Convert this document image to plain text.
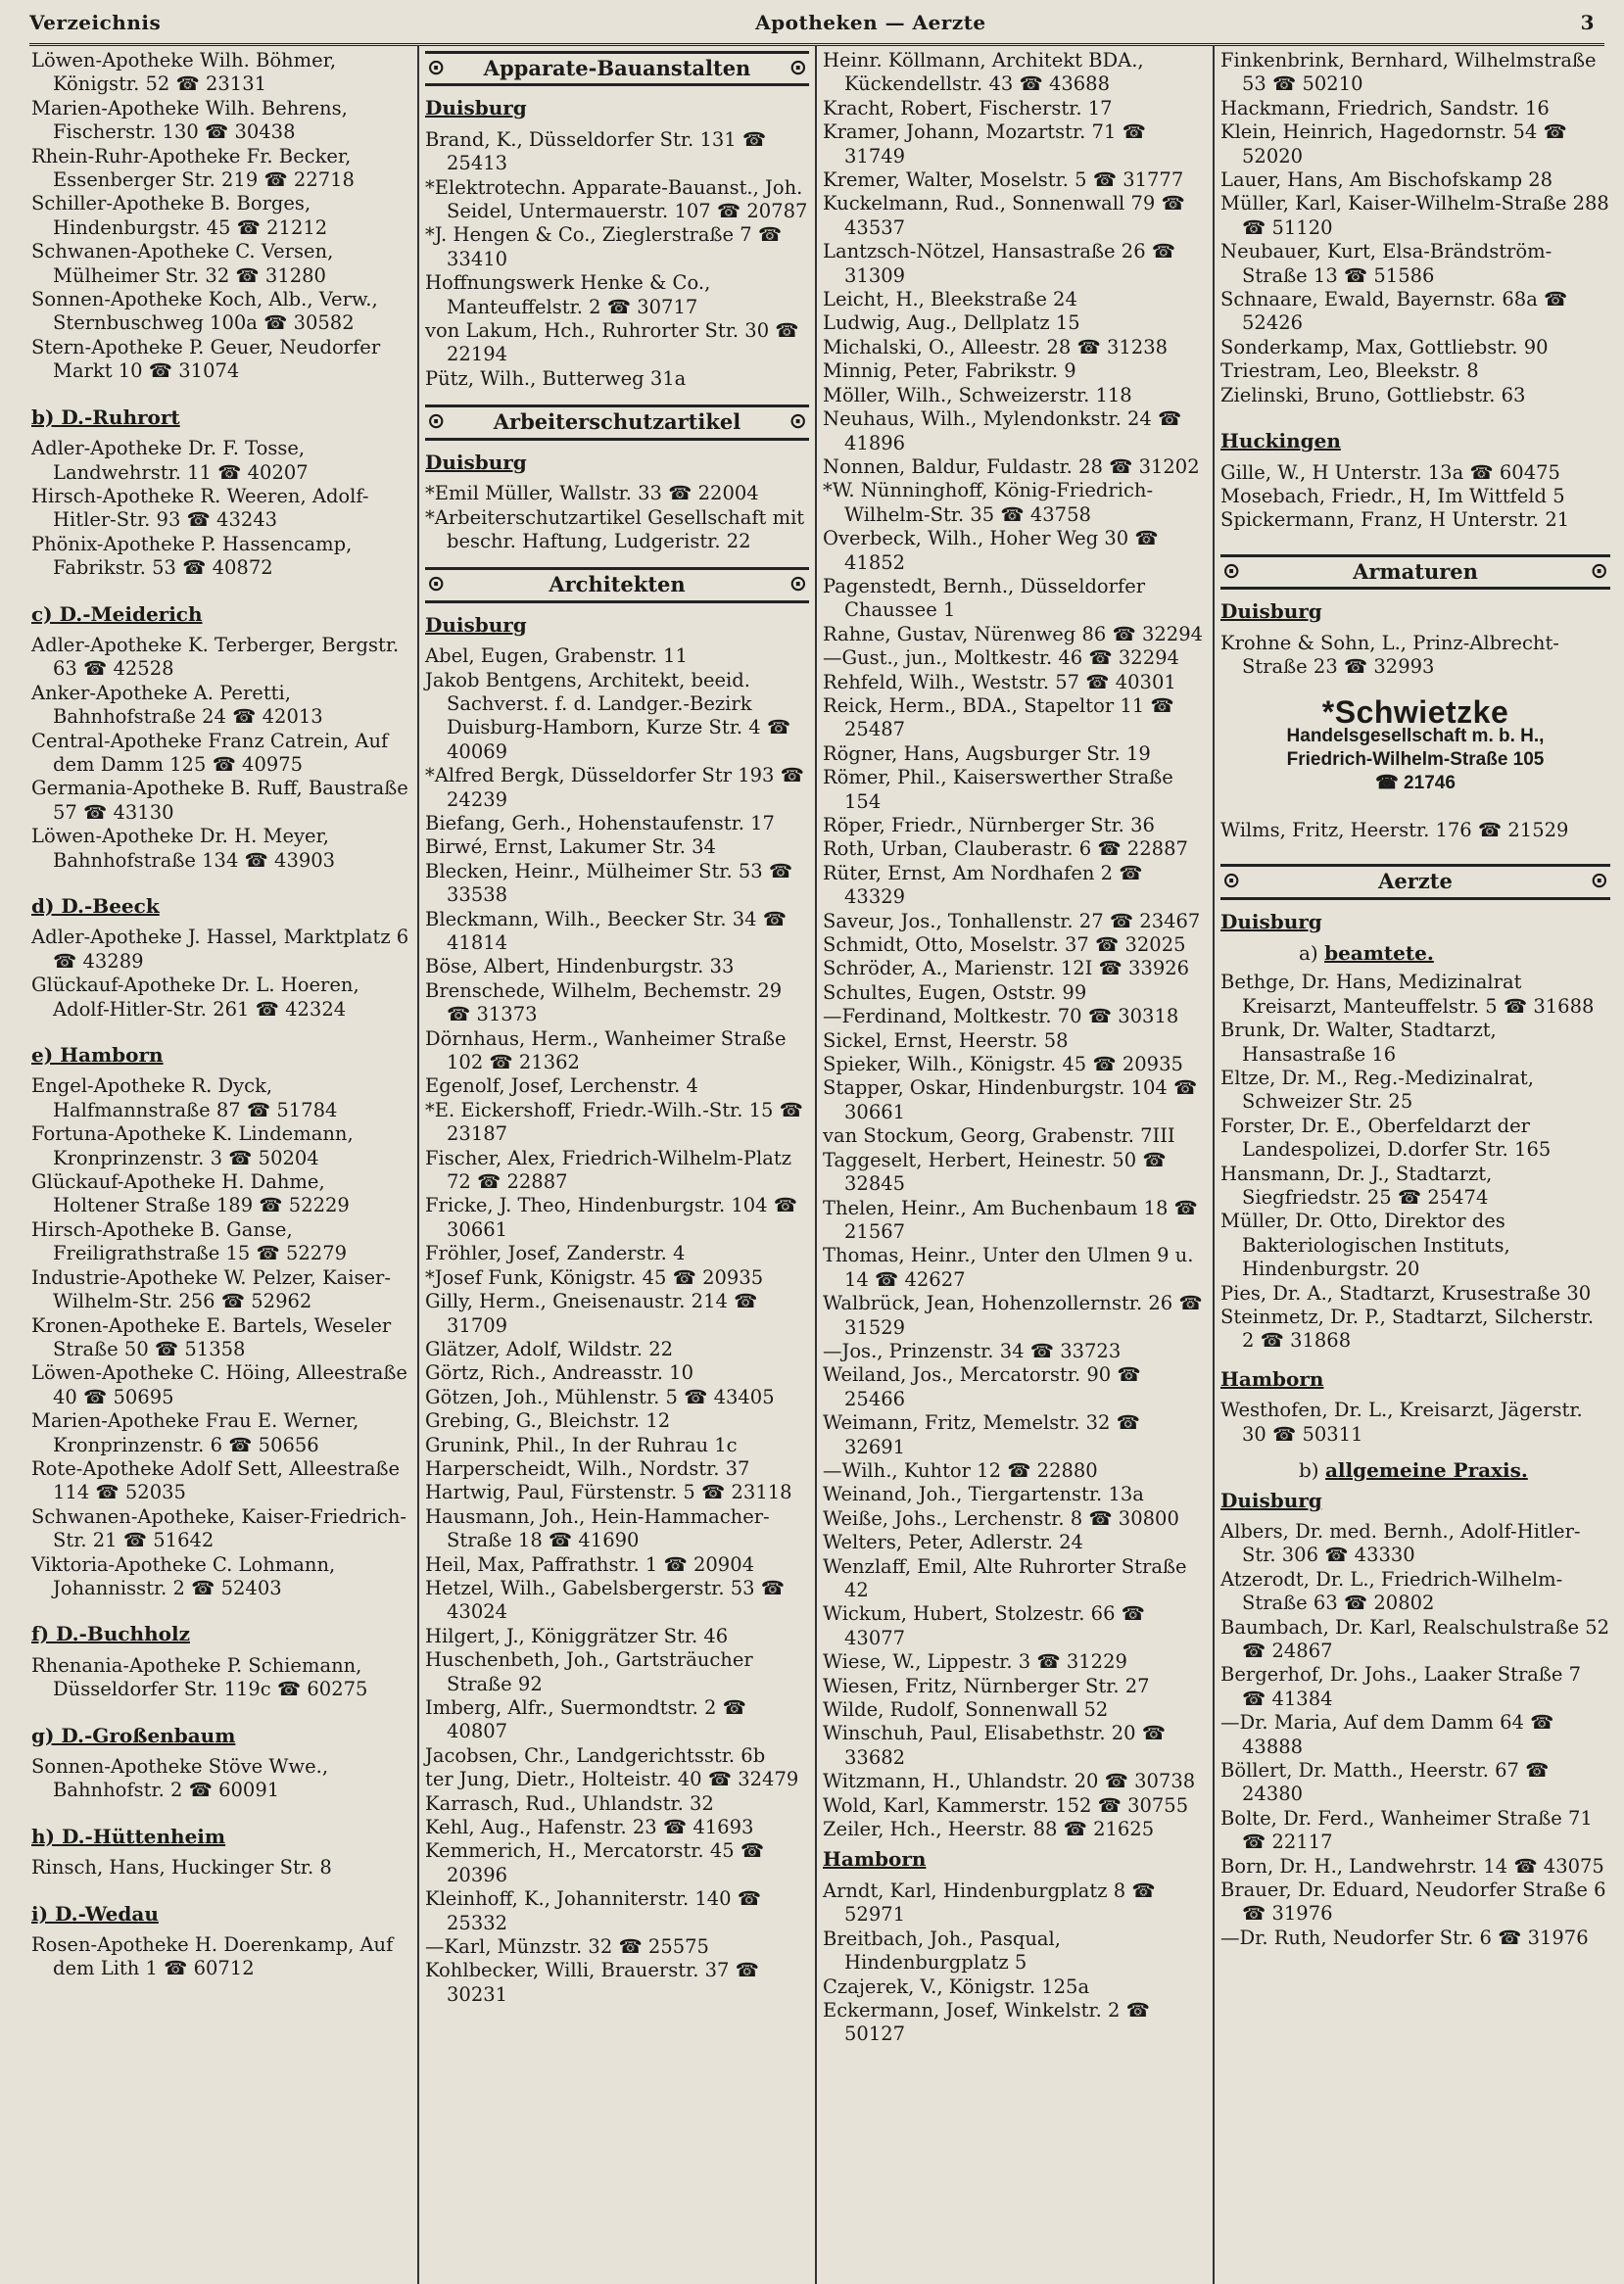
Verzeichnis	Apotheken — Aerzte	3

Löwen-Apotheke Wilh. Böhmer, Königstr. 52 ☎ 23131

Marien-Apotheke Wilh. Behrens, Fischerstr. 130 ☎ 30438

Rhein-Ruhr-Apotheke Fr. Becker, Essenberger Str. 219 ☎ 22718

Schiller-Apotheke B. Borges, Hindenburgstr. 45 ☎ 21212

Schwanen-Apotheke C. Versen, Mülheimer Str. 32 ☎ 31280

Sonnen-Apotheke Koch, Alb., Verw., Sternbuschweg 100a ☎ 30582

Stern-Apotheke P. Geuer, Neudorfer Markt 10 ☎ 31074

b) D.-Ruhrort

Adler-Apotheke Dr. F. Tosse, Landwehrstr. 11 ☎ 40207

Hirsch-Apotheke R. Weeren, Adolf-Hitler-Str. 93 ☎ 43243

Phönix-Apotheke P. Hassencamp, Fabrikstr. 53 ☎ 40872

c) D.-Meiderich

Adler-Apotheke K. Terberger, Bergstr. 63 ☎ 42528

Anker-Apotheke A. Peretti, Bahnhofstraße 24 ☎ 42013

Central-Apotheke Franz Catrein, Auf dem Damm 125 ☎ 40975

Germania-Apotheke B. Ruff, Baustraße 57 ☎ 43130

Löwen-Apotheke Dr. H. Meyer, Bahnhofstraße 134 ☎ 43903

d) D.-Beeck

Adler-Apotheke J. Hassel, Marktplatz 6 ☎ 43289

Glückauf-Apotheke Dr. L. Hoeren, Adolf-Hitler-Str. 261 ☎ 42324

e) Hamborn

Engel-Apotheke R. Dyck, Halfmannstraße 87 ☎ 51784

Fortuna-Apotheke K. Lindemann, Kronprinzenstr. 3 ☎ 50204

Glückauf-Apotheke H. Dahme, Holtener Straße 189 ☎ 52229

Hirsch-Apotheke B. Ganse, Freiligrathstraße 15 ☎ 52279

Industrie-Apotheke W. Pelzer, Kaiser-Wilhelm-Str. 256 ☎ 52962

Kronen-Apotheke E. Bartels, Weseler Straße 50 ☎ 51358

Löwen-Apotheke C. Höing, Alleestraße 40 ☎ 50695

Marien-Apotheke Frau E. Werner, Kronprinzenstr. 6 ☎ 50656

Rote-Apotheke Adolf Sett, Alleestraße 114 ☎ 52035

Schwanen-Apotheke, Kaiser-Friedrich-Str. 21 ☎ 51642

Viktoria-Apotheke C. Lohmann, Johannisstr. 2 ☎ 52403

f) D.-Buchholz

Rhenania-Apotheke P. Schiemann, Düsseldorfer Str. 119c ☎ 60275

g) D.-Großenbaum

Sonnen-Apotheke Stöve Wwe., Bahnhofstr. 2 ☎ 60091

h) D.-Hüttenheim

Rinsch, Hans, Huckinger Str. 8

i) D.-Wedau

Rosen-Apotheke H. Doerenkamp, Auf dem Lith 1 ☎ 60712

⊙ Apparate-Bauanstalten ⊙
Duisburg

Brand, K., Düsseldorfer Str. 131 ☎ 25413

*Elektrotechn. Apparate-Bauanst., Joh. Seidel, Untermauerstr. 107 ☎ 20787

*J. Hengen & Co., Zieglerstraße 7 ☎ 33410

Hoffnungswerk Henke & Co., Manteuffelstr. 2 ☎ 30717

von Lakum, Hch., Ruhrorter Str. 30 ☎ 22194

Pütz, Wilh., Butterweg 31a

⊙ Arbeiterschutzartikel ⊙
Duisburg

*Emil Müller, Wallstr. 33 ☎ 22004

*Arbeiterschutzartikel Gesellschaft mit beschr. Haftung, Ludgeristr. 22

⊙	Architekten	⊙
Duisburg

Abel, Eugen, Grabenstr. 11

Jakob Bentgens, Architekt, beeid. Sachverst. f. d. Landger.-Bezirk Duisburg-Hamborn, Kurze Str. 4 ☎ 40069

*Alfred Bergk, Düsseldorfer Str 193 ☎ 24239

Biefang, Gerh., Hohenstaufenstr. 17

Birwé, Ernst, Lakumer Str. 34

Blecken, Heinr., Mülheimer Str. 53 ☎ 33538

Bleckmann, Wilh., Beecker Str. 34 ☎ 41814

Böse, Albert, Hindenburgstr. 33

Brenschede, Wilhelm, Bechemstr. 29 ☎ 31373

Dörnhaus, Herm., Wanheimer Straße 102 ☎ 21362

Egenolf, Josef, Lerchenstr. 4

*E. Eickershoff, Friedr.-Wilh.-Str. 15 ☎ 23187

Fischer, Alex, Friedrich-Wilhelm-Platz 72 ☎ 22887

Fricke, J. Theo, Hindenburgstr. 104 ☎ 30661

Fröhler, Josef, Zanderstr. 4

*Josef Funk, Königstr. 45 ☎ 20935

Gilly, Herm., Gneisenaustr. 214 ☎ 31709

Glätzer, Adolf, Wildstr. 22

Görtz, Rich., Andreasstr. 10

Götzen, Joh., Mühlenstr. 5 ☎ 43405

Grebing, G., Bleichstr. 12

Grunink, Phil., In der Ruhrau 1c

Harperscheidt, Wilh., Nordstr. 37

Hartwig, Paul, Fürstenstr. 5 ☎ 23118

Hausmann, Joh., Hein-Hammacher-Straße 18 ☎ 41690

Heil, Max, Paffrathstr. 1 ☎ 20904

Hetzel, Wilh., Gabelsbergerstr. 53 ☎ 43024

Hilgert, J., Königgrätzer Str. 46

Huschenbeth, Joh., Gartsträucher Straße 92

Imberg, Alfr., Suermondtstr. 2 ☎ 40807

Jacobsen, Chr., Landgerichtsstr. 6b

ter Jung, Dietr., Holteistr. 40 ☎ 32479

Karrasch, Rud., Uhlandstr. 32

Kehl, Aug., Hafenstr. 23 ☎ 41693

Kemmerich, H., Mercatorstr. 45 ☎ 20396

Kleinhoff, K., Johanniterstr. 140 ☎ 25332

—Karl, Münzstr. 32 ☎ 25575

Kohlbecker, Willi, Brauerstr. 37 ☎ 30231

Heinr. Köllmann, Architekt BDA., Kückendellstr. 43 ☎ 43688

Kracht, Robert, Fischerstr. 17

Kramer, Johann, Mozartstr. 71 ☎ 31749

Kremer, Walter, Moselstr. 5 ☎ 31777

Kuckelmann, Rud., Sonnenwall 79 ☎ 43537

Lantzsch-Nötzel, Hansastraße 26 ☎ 31309

Leicht, H., Bleekstraße 24

Ludwig, Aug., Dellplatz 15

Michalski, O., Alleestr. 28 ☎ 31238

Minnig, Peter, Fabrikstr. 9

Möller, Wilh., Schweizerstr. 118

Neuhaus, Wilh., Mylendonkstr. 24 ☎ 41896

Nonnen, Baldur, Fuldastr. 28 ☎ 31202

*W. Nünninghoff, König-Friedrich-Wilhelm-Str. 35 ☎ 43758

Overbeck, Wilh., Hoher Weg 30 ☎ 41852

Pagenstedt, Bernh., Düsseldorfer Chaussee 1

Rahne, Gustav, Nürenweg 86 ☎ 32294

—Gust., jun., Moltkestr. 46 ☎ 32294

Rehfeld, Wilh., Weststr. 57 ☎ 40301

Reick, Herm., BDA., Stapeltor 11 ☎ 25487

Rögner, Hans, Augsburger Str. 19

Römer, Phil., Kaiserswerther Straße 154

Röper, Friedr., Nürnberger Str. 36

Roth, Urban, Clauberastr. 6 ☎ 22887

Rüter, Ernst, Am Nordhafen 2 ☎ 43329

Saveur, Jos., Tonhallenstr. 27 ☎ 23467

Schmidt, Otto, Moselstr. 37 ☎ 32025

Schröder, A., Marienstr. 12I ☎ 33926

Schultes, Eugen, Oststr. 99

—Ferdinand, Moltkestr. 70 ☎ 30318

Sickel, Ernst, Heerstr. 58

Spieker, Wilh., Königstr. 45 ☎ 20935

Stapper, Oskar, Hindenburgstr. 104 ☎ 30661

van Stockum, Georg, Grabenstr. 7III

Taggeselt, Herbert, Heinestr. 50 ☎ 32845

Thelen, Heinr., Am Buchenbaum 18 ☎ 21567

Thomas, Heinr., Unter den Ulmen 9 u. 14 ☎ 42627

Walbrück, Jean, Hohenzollernstr. 26 ☎ 31529

—Jos., Prinzenstr. 34 ☎ 33723

Weiland, Jos., Mercatorstr. 90 ☎ 25466

Weimann, Fritz, Memelstr. 32 ☎ 32691

—Wilh., Kuhtor 12 ☎ 22880

Weinand, Joh., Tiergartenstr. 13a

Weiße, Johs., Lerchenstr. 8 ☎ 30800

Welters, Peter, Adlerstr. 24

Wenzlaff, Emil, Alte Ruhrorter Straße 42

Wickum, Hubert, Stolzestr. 66 ☎ 43077

Wiese, W., Lippestr. 3 ☎ 31229

Wiesen, Fritz, Nürnberger Str. 27

Wilde, Rudolf, Sonnenwall 52

Winschuh, Paul, Elisabethstr. 20 ☎ 33682

Witzmann, H., Uhlandstr. 20 ☎ 30738

Wold, Karl, Kammerstr. 152 ☎ 30755

Zeiler, Hch., Heerstr. 88 ☎ 21625

Hamborn

Arndt, Karl, Hindenburgplatz 8 ☎ 52971

Breitbach, Joh., Pasqual, Hindenburgplatz 5

Czajerek, V., Königstr. 125a

Eckermann, Josef, Winkelstr. 2 ☎ 50127

Finkenbrink, Bernhard, Wilhelmstraße 53 ☎ 50210

Hackmann, Friedrich, Sandstr. 16

Klein, Heinrich, Hagedornstr. 54 ☎ 52020

Lauer, Hans, Am Bischofskamp 28

Müller, Karl, Kaiser-Wilhelm-Straße 288 ☎ 51120

Neubauer, Kurt, Elsa-Brändström-Straße 13 ☎ 51586

Schnaare, Ewald, Bayernstr. 68a ☎ 52426

Sonderkamp, Max, Gottliebstr. 90

Triestram, Leo, Bleekstr. 8

Zielinski, Bruno, Gottliebstr. 63

Huckingen

Gille, W., H Unterstr. 13a ☎ 60475

Mosebach, Friedr., H, Im Wittfeld 5

Spickermann, Franz, H Unterstr. 21

⊙	Armaturen	⊙
Duisburg

Krohne & Sohn, L., Prinz-Albrecht-Straße 23 ☎ 32993

*Schwietzke
Handelsgesellschaft m. b. H.,
Friedrich-Wilhelm-Straße 105
☎ 21746

Wilms, Fritz, Heerstr. 176 ☎ 21529

⊙	Aerzte	⊙
Duisburg
a) beamtete.

Bethge, Dr. Hans, Medizinalrat Kreisarzt, Manteuffelstr. 5 ☎ 31688

Brunk, Dr. Walter, Stadtarzt, Hansastraße 16

Eltze, Dr. M., Reg.-Medizinalrat, Schweizer Str. 25

Forster, Dr. E., Oberfeldarzt der Landespolizei, D.dorfer Str. 165

Hansmann, Dr. J., Stadtarzt, Siegfriedstr. 25 ☎ 25474

Müller, Dr. Otto, Direktor des Bakteriologischen Instituts, Hindenburgstr. 20

Pies, Dr. A., Stadtarzt, Krusestraße 30

Steinmetz, Dr. P., Stadtarzt, Silcherstr. 2 ☎ 31868

Hamborn

Westhofen, Dr. L., Kreisarzt, Jägerstr. 30 ☎ 50311

b) allgemeine Praxis.
Duisburg

Albers, Dr. med. Bernh., Adolf-Hitler-Str. 306 ☎ 43330

Atzerodt, Dr. L., Friedrich-Wilhelm-Straße 63 ☎ 20802

Baumbach, Dr. Karl, Realschulstraße 52 ☎ 24867

Bergerhof, Dr. Johs., Laaker Straße 7 ☎ 41384

—Dr. Maria, Auf dem Damm 64 ☎ 43888

Böllert, Dr. Matth., Heerstr. 67 ☎ 24380

Bolte, Dr. Ferd., Wanheimer Straße 71 ☎ 22117

Born, Dr. H., Landwehrstr. 14 ☎ 43075

Brauer, Dr. Eduard, Neudorfer Straße 6 ☎ 31976

—Dr. Ruth, Neudorfer Str. 6 ☎ 31976
